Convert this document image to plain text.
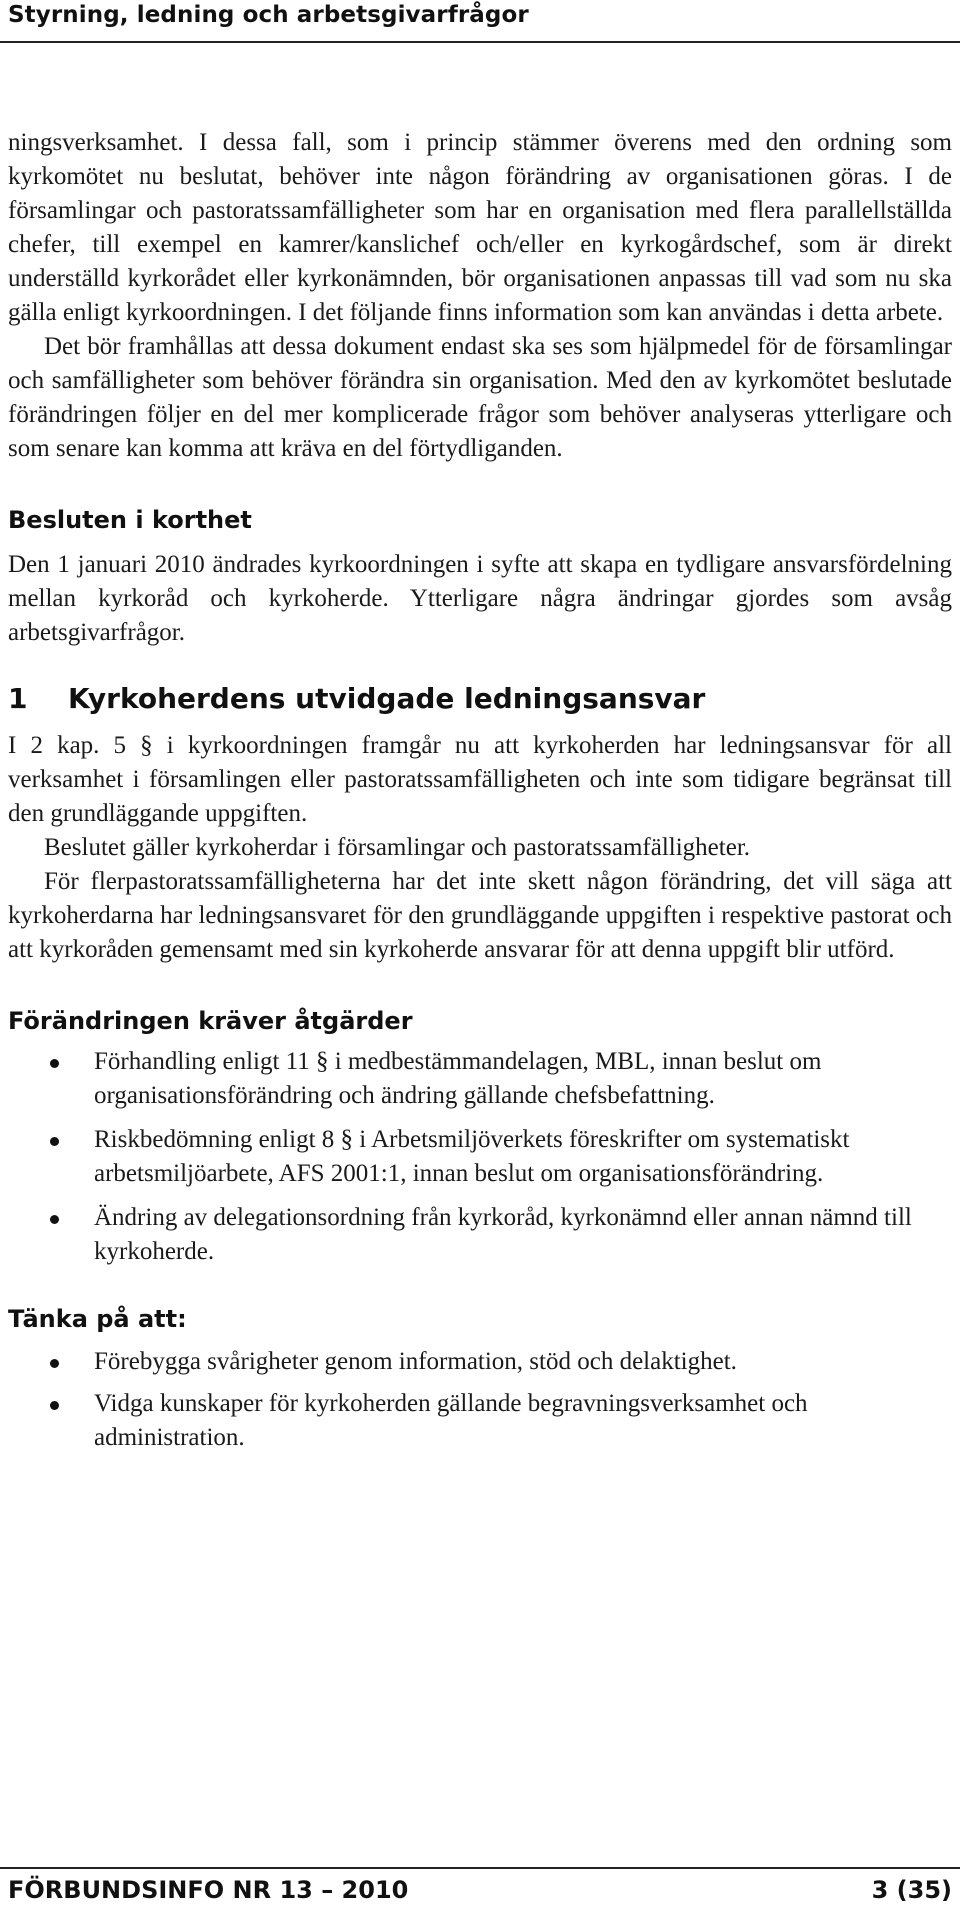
Styrning, ledning och arbetsgivarfrågor

ningsverksamhet. I dessa fall, som i princip stämmer överens med den ordning som kyrkomötet nu beslutat, behöver inte någon förändring av organisationen göras. I de församlingar och pastoratssamfälligheter som har en organisation med flera parallellställda chefer, till exempel en kamrer/kanslichef och/eller en kyrkogårdschef, som är direkt underställd kyrkorådet eller kyrkonämnden, bör organisationen anpassas till vad som nu ska gälla enligt kyrkoordningen. I det följande finns information som kan användas i detta arbete.

Det bör framhållas att dessa dokument endast ska ses som hjälpmedel för de församlingar och samfälligheter som behöver förändra sin organisation. Med den av kyrkomötet beslutade förändringen följer en del mer komplicerade frågor som behöver analyseras ytterligare och som senare kan komma att kräva en del förtydliganden.

Besluten i korthet

Den 1 januari 2010 ändrades kyrkoordningen i syfte att skapa en tydligare ansvarsfördelning mellan kyrkoråd och kyrkoherde. Ytterligare några ändringar gjordes som avsåg arbetsgivarfrågor.

1 Kyrkoherdens utvidgade ledningsansvar

I 2 kap. 5 § i kyrkoordningen framgår nu att kyrkoherden har ledningsansvar för all verksamhet i församlingen eller pastoratssamfälligheten och inte som tidigare begränsat till den grundläggande uppgiften.

Beslutet gäller kyrkoherdar i församlingar och pastoratssamfälligheter.

För flerpastoratssamfälligheterna har det inte skett någon förändring, det vill säga att kyrkoherdarna har ledningsansvaret för den grundläggande uppgiften i respektive pastorat och att kyrkoråden gemensamt med sin kyrkoherde ansvarar för att denna uppgift blir utförd.

Förändringen kräver åtgärder
Förhandling enligt 11 § i medbestämmandelagen, MBL, innan beslut om organisationsförändring och ändring gällande chefsbefattning.
Riskbedömning enligt 8 § i Arbetsmiljöverkets föreskrifter om systematiskt arbetsmiljöarbete, AFS 2001:1, innan beslut om organisationsförändring.
Ändring av delegationsordning från kyrkoråd, kyrkonämnd eller annan nämnd till kyrkoherde.
Tänka på att:
Förebygga svårigheter genom information, stöd och delaktighet.
Vidga kunskaper för kyrkoherden gällande begravningsverksamhet och administration.
FÖRBUNDSINFO NR 13 – 2010	3 (35)
